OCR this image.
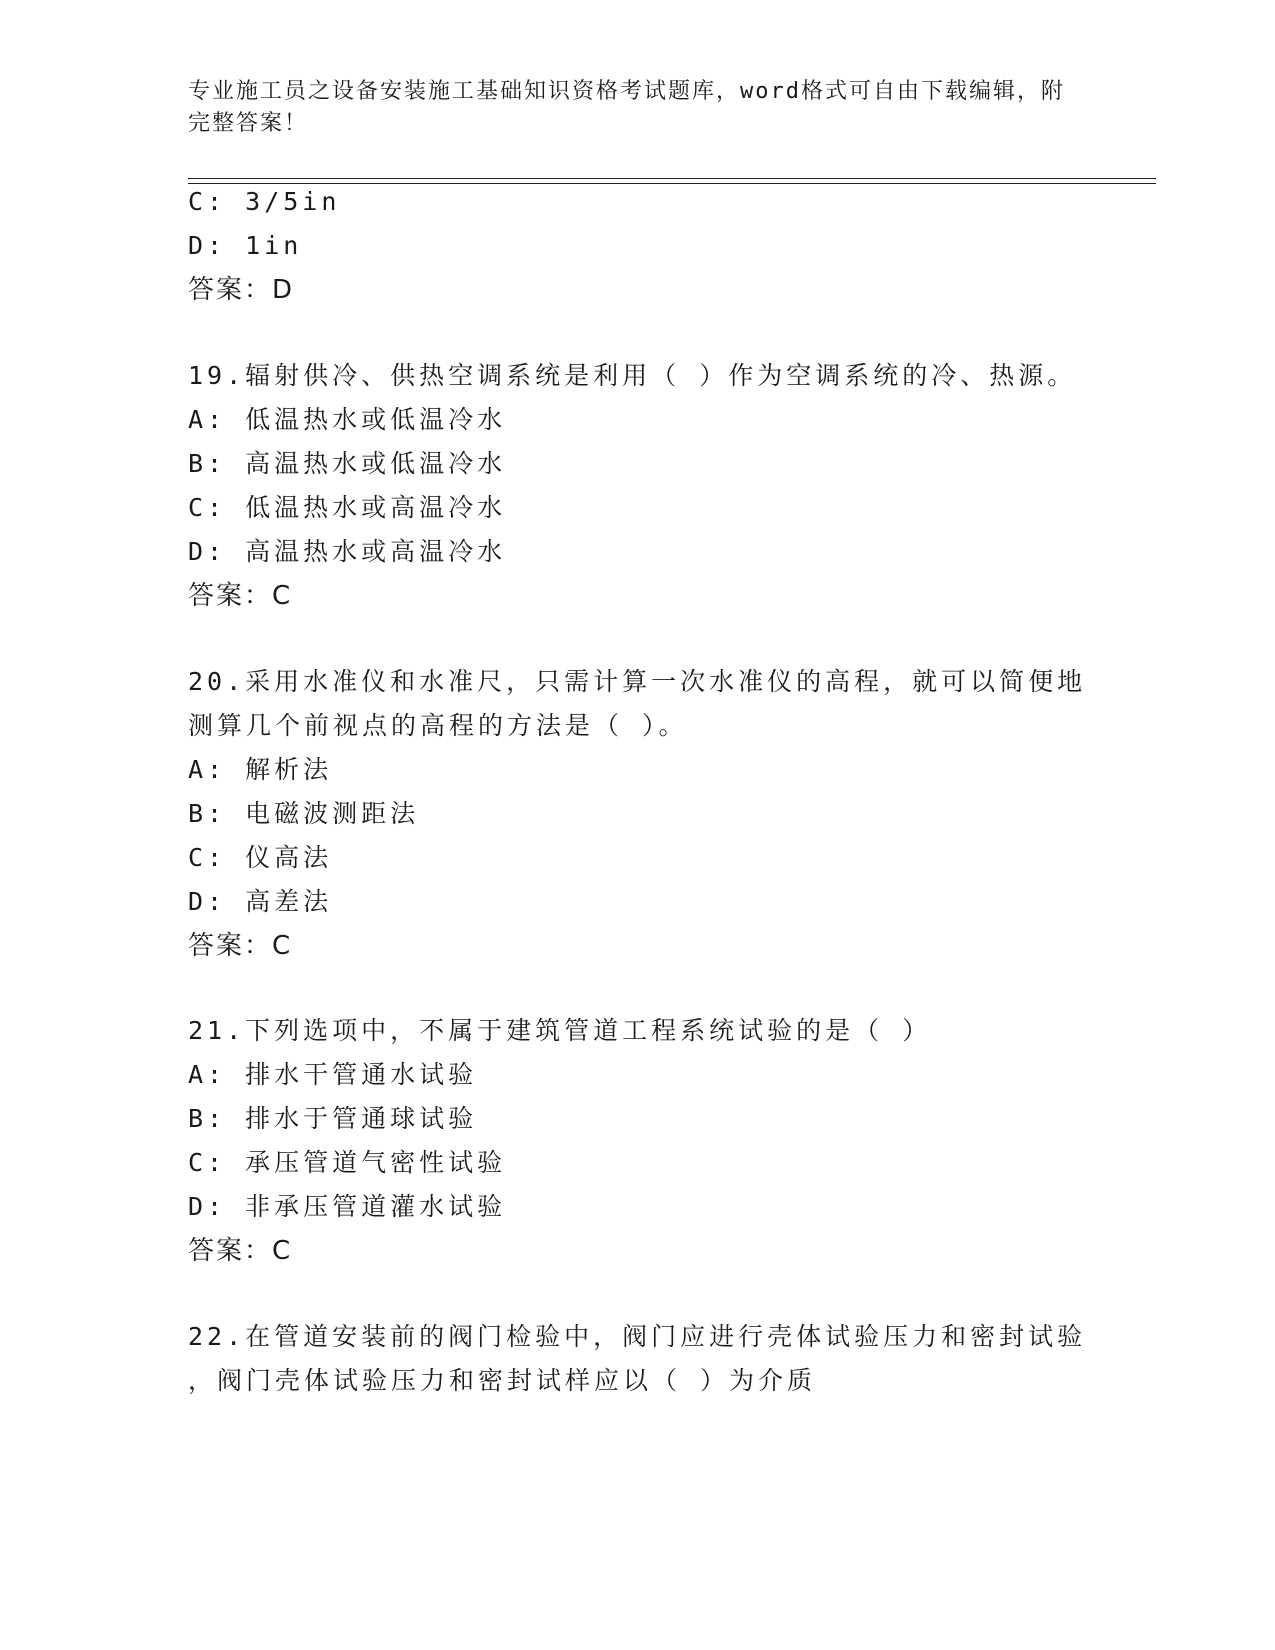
专业施工员之设备安装施工基础知识资格考试题库，word格式可自由下载编辑，附完整答案！
C: 3/5in
D: 1in
答案：D
19.辐射供冷、供热空调系统是利用（ ）作为空调系统的冷、热源。
A: 低温热水或低温冷水
B: 高温热水或低温冷水
C: 低温热水或高温冷水
D: 高温热水或高温冷水
答案：C
20.采用水准仪和水准尺，只需计算一次水准仪的高程，就可以简便地
测算几个前视点的高程的方法是（ ）。
A: 解析法
B: 电磁波测距法
C: 仪高法
D: 高差法
答案：C
21.下列选项中，不属于建筑管道工程系统试验的是（ ）
A: 排水干管通水试验
B: 排水于管通球试验
C: 承压管道气密性试验
D: 非承压管道灌水试验
答案：C
22.在管道安装前的阀门检验中，阀门应进行壳体试验压力和密封试验
，阀门壳体试验压力和密封试样应以（ ）为介质
